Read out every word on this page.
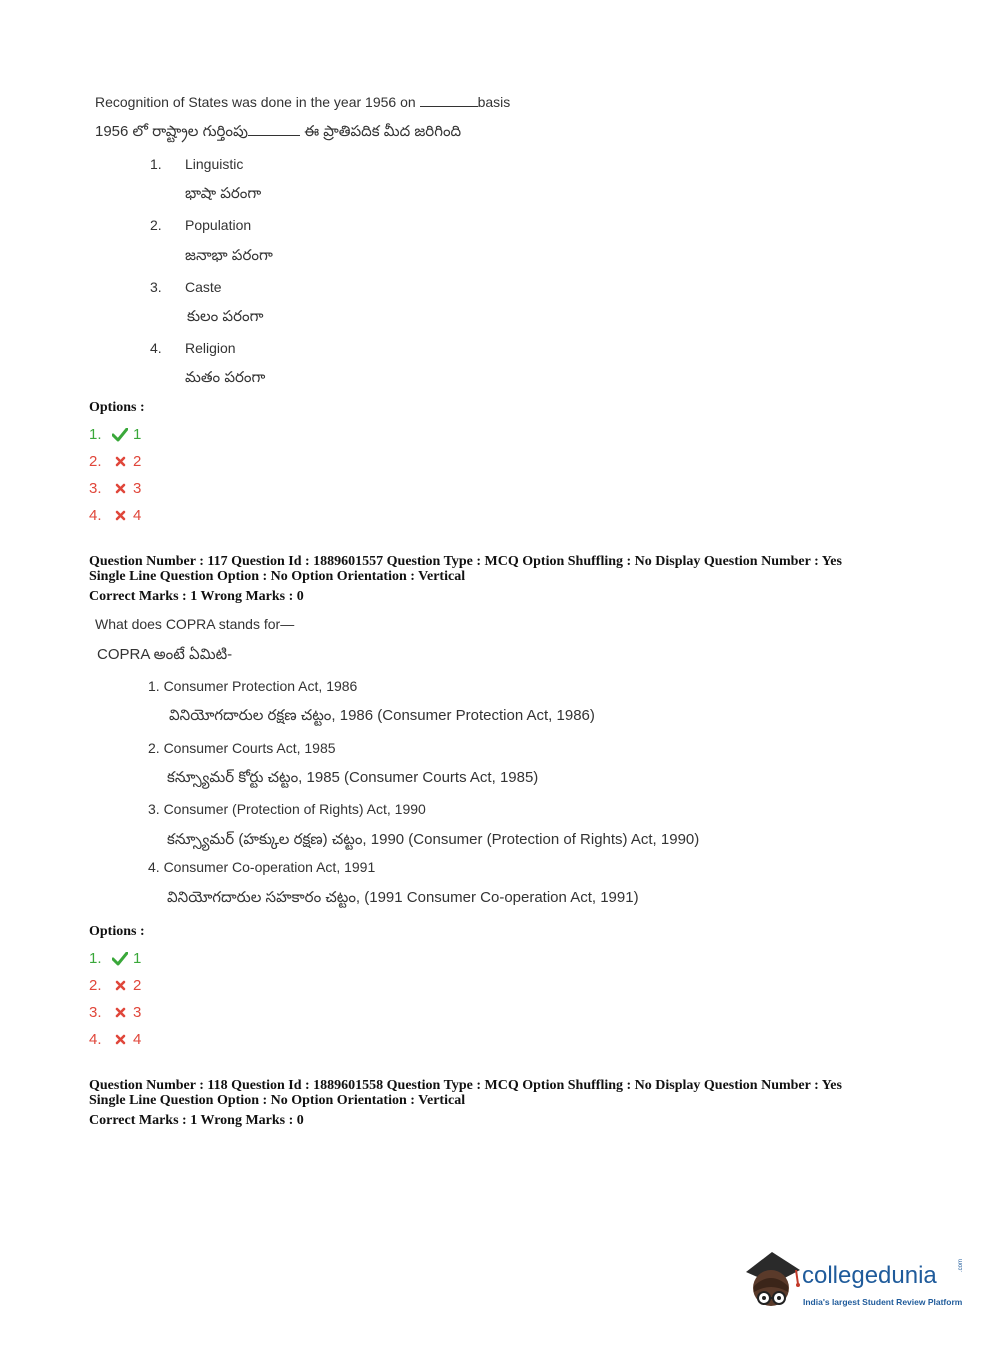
Recognition of States was done in the year 1956 on	basis
1956 లో రాష్ట్రాల గుర్తింపు	ఈ ప్రాతిపదిక మీద జరిగింది
1. Linguistic
భాషా పరంగా
2. Population
జనాభా పరంగా
3. Caste
కులం పరంగా
4. Religion
మతం పరంగా
Options :
1.	1
2.	2
3.	3
4.	4
Question Number : 117 Question Id : 1889601557 Question Type : MCQ Option Shuffling : No Display Question Number : Yes
Single Line Question Option : No Option Orientation : Vertical
Correct Marks : 1 Wrong Marks : 0
What does COPRA stands for—
COPRA అంటే ఏమిటి-
1. Consumer Protection Act, 1986
వినియోగదారుల రక్షణ చట్టం, 1986 (Consumer Protection Act, 1986)
2. Consumer Courts Act, 1985
కన్స్యూమర్ కోర్టు చట్టం, 1985 (Consumer Courts Act, 1985)
3. Consumer (Protection of Rights) Act, 1990
కన్స్యూమర్ (హక్కుల రక్షణ) చట్టం, 1990 (Consumer (Protection of Rights) Act, 1990)
4. Consumer Co-operation Act, 1991
వినియోగదారుల సహకారం చట్టం, (1991 Consumer Co-operation Act, 1991)
Options :
1.	1
2.	2
3.	3
4.	4
Question Number : 118 Question Id : 1889601558 Question Type : MCQ Option Shuffling : No Display Question Number : Yes
Single Line Question Option : No Option Orientation : Vertical
Correct Marks : 1 Wrong Marks : 0
collegedunia	.com
India's largest Student Review Platform
